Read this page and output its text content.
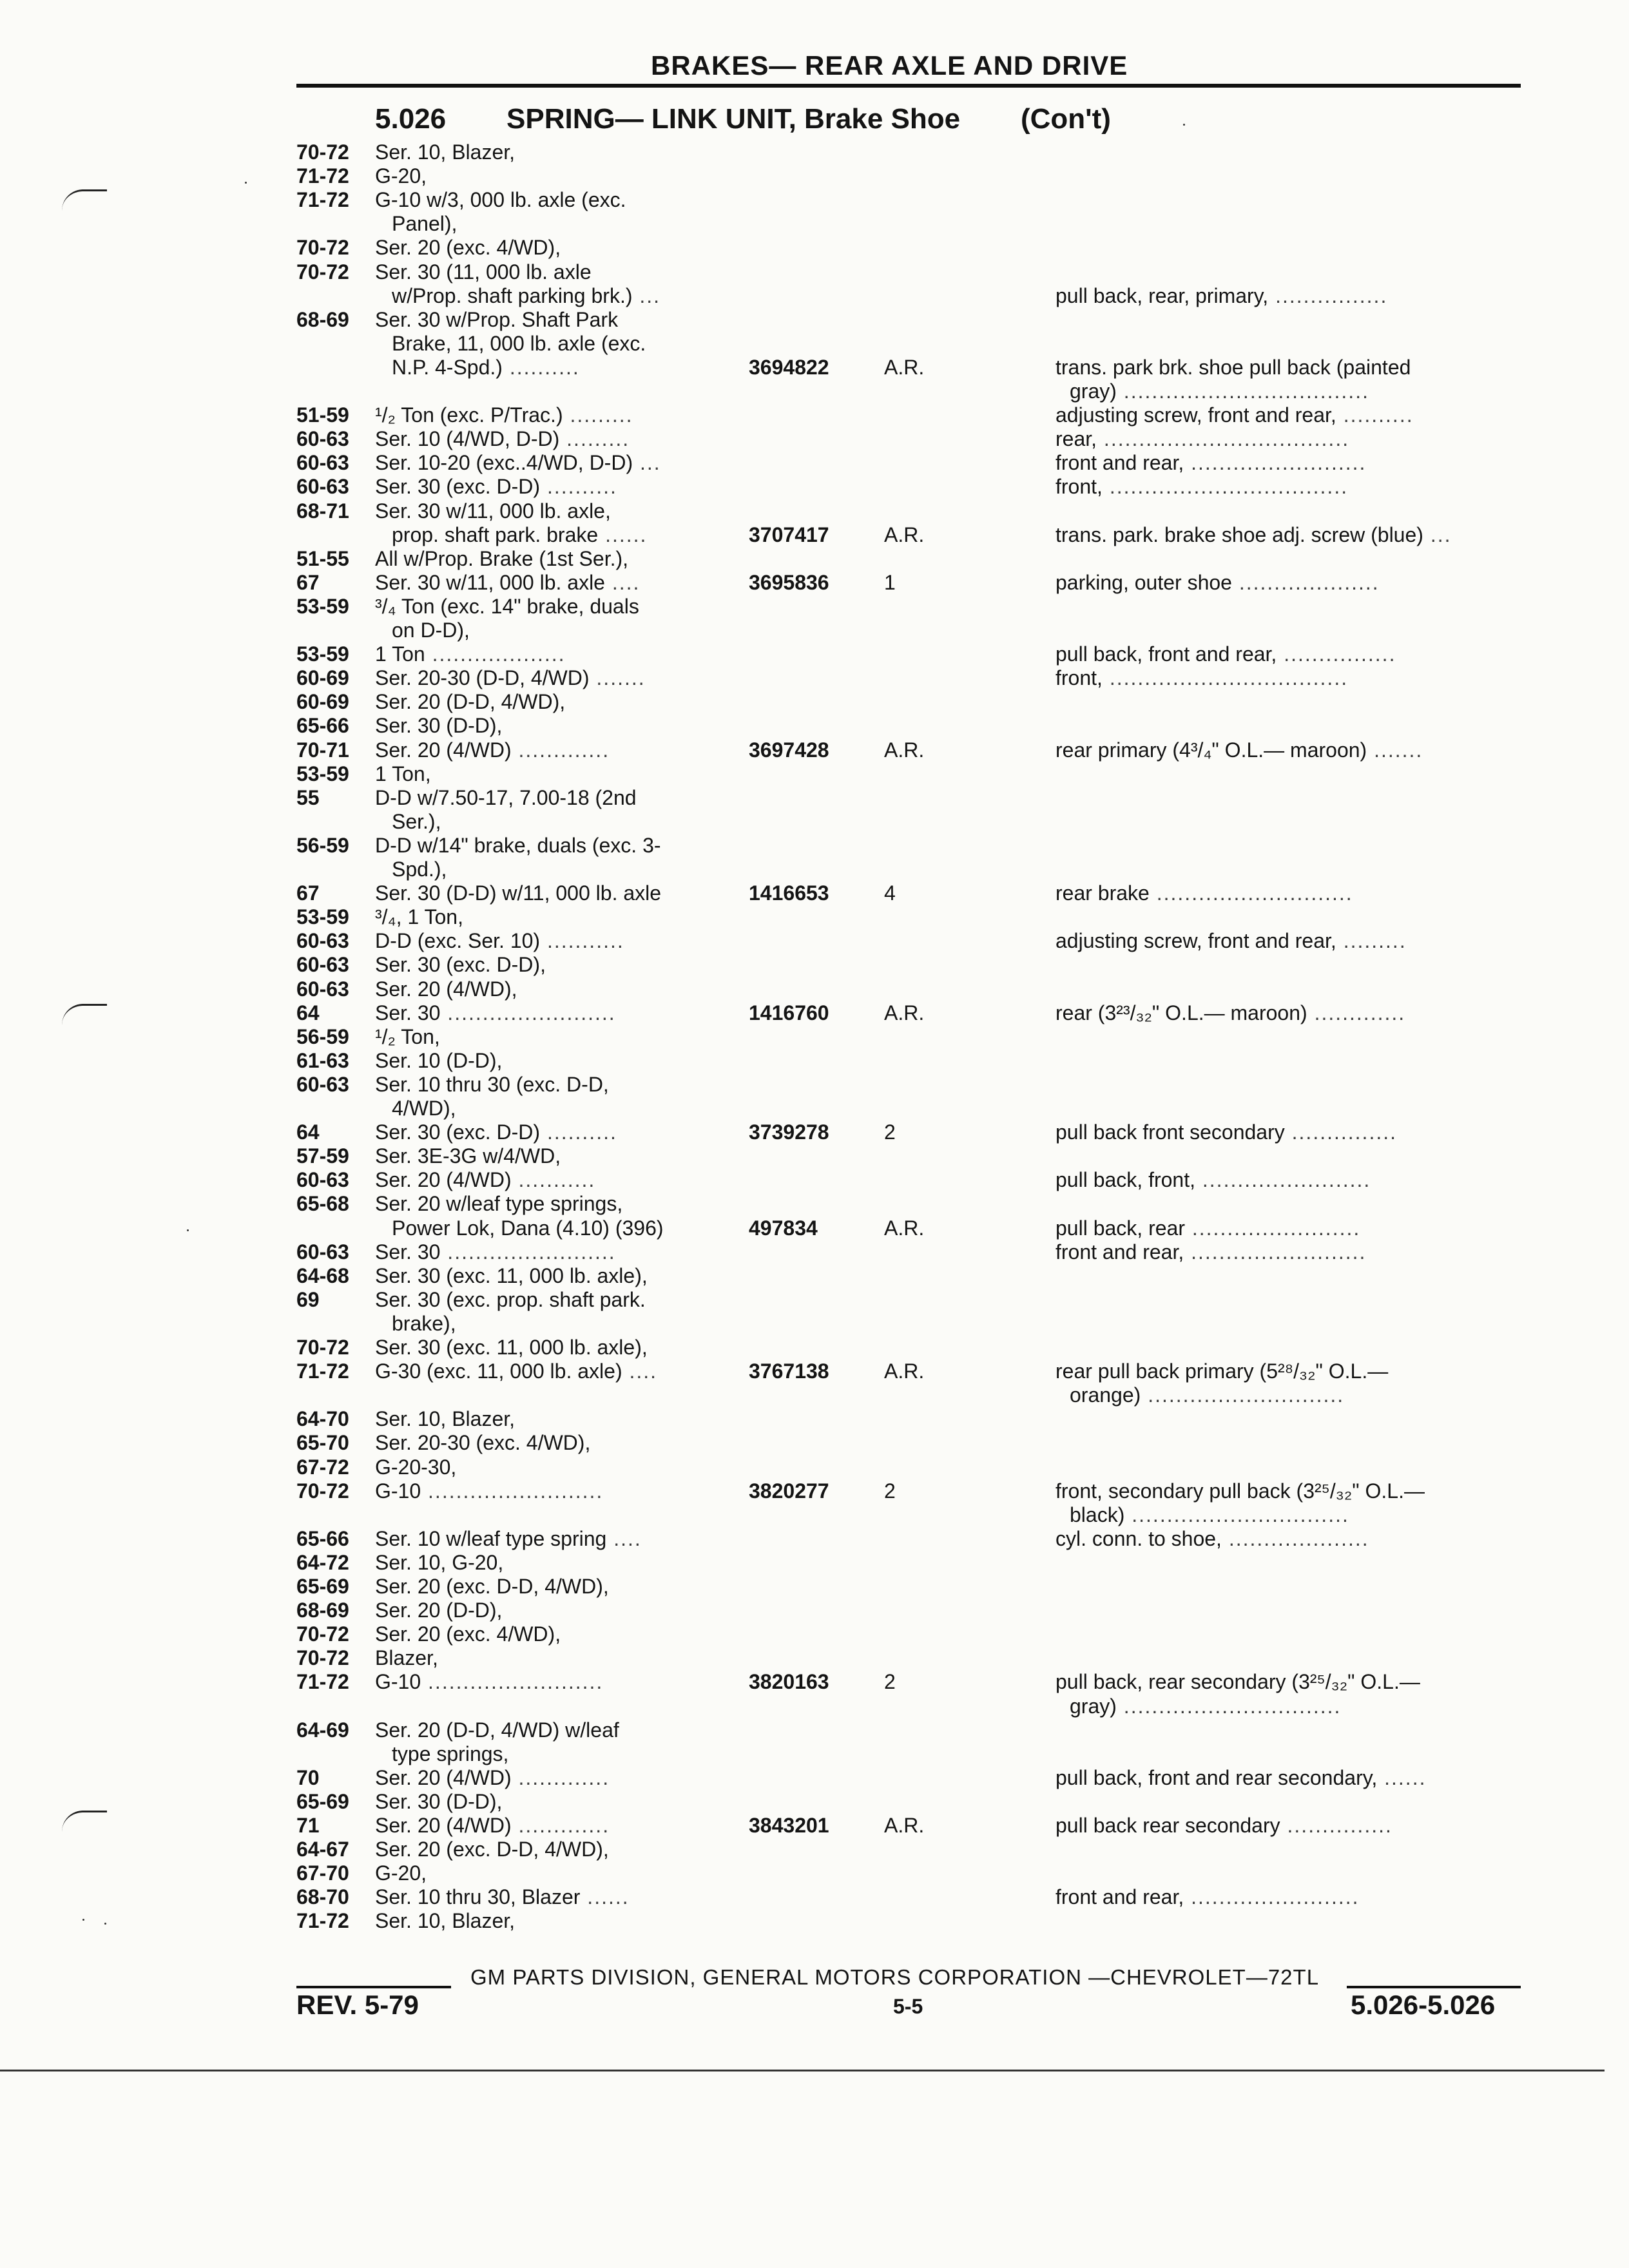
BRAKES— REAR AXLE AND DRIVE
5.026 SPRING— LINK UNIT, Brake Shoe (Con't)
70-72 Ser. 10, Blazer,
71-72 G-20,
71-72 G-10 w/3, 000 lb. axle (exc.
Panel),
70-72 Ser. 20 (exc. 4/WD),
70-72 Ser. 30 (11, 000 lb. axle
w/Prop. shaft parking brk.) ...	pull back, rear, primary, ................
68-69 Ser. 30 w/Prop. Shaft Park
Brake, 11, 000 lb. axle (exc.
N.P. 4-Spd.) ..........	3694822	A.R.	trans. park brk. shoe pull back (painted
gray) ...................................
51-59 ¹/₂ Ton (exc. P/Trac.) .........	adjusting screw, front and rear, ..........
60-63 Ser. 10 (4/WD, D-D) .........	rear, ...................................
60-63 Ser. 10-20 (exc..4/WD, D-D) ...	front and rear, .........................
60-63 Ser. 30 (exc. D-D) ..........	front, ..................................
68-71 Ser. 30 w/11, 000 lb. axle,
prop. shaft park. brake ......	3707417	A.R.	trans. park. brake shoe adj. screw (blue) ...
51-55 All w/Prop. Brake (1st Ser.),
67	Ser. 30 w/11, 000 lb. axle ....	3695836	1	parking, outer shoe ....................
53-59 ³/₄ Ton (exc. 14" brake, duals
on D-D),
53-59 1 Ton ...................	pull back, front and rear, ................
60-69 Ser. 20-30 (D-D, 4/WD) .......	front, ..................................
60-69 Ser. 20 (D-D, 4/WD),
65-66 Ser. 30 (D-D),
70-71 Ser. 20 (4/WD) .............	3697428	A.R.	rear primary (4³/₄" O.L.— maroon) .......
53-59 1 Ton,
55	D-D w/7.50-17, 7.00-18 (2nd
Ser.),
56-59 D-D w/14" brake, duals (exc. 3-
Spd.),
67	Ser. 30 (D-D) w/11, 000 lb. axle	1416653	4	rear brake ............................
53-59 ³/₄, 1 Ton,
60-63 D-D (exc. Ser. 10) ...........	adjusting screw, front and rear, .........
60-63 Ser. 30 (exc. D-D),
60-63 Ser. 20 (4/WD),
64	Ser. 30 ........................	1416760	A.R.	rear (3²³/₃₂" O.L.— maroon) .............
56-59 ¹/₂ Ton,
61-63 Ser. 10 (D-D),
60-63 Ser. 10 thru 30 (exc. D-D,
4/WD),
64	Ser. 30 (exc. D-D) ..........	3739278	2	pull back front secondary ...............
57-59 Ser. 3E-3G w/4/WD,
60-63 Ser. 20 (4/WD) ...........	pull back, front, ........................
65-68 Ser. 20 w/leaf type springs,
Power Lok, Dana (4.10) (396)	497834	A.R.	pull back, rear ........................
60-63 Ser. 30 ........................	front and rear, .........................
64-68 Ser. 30 (exc. 11, 000 lb. axle),
69	Ser. 30 (exc. prop. shaft park.
brake),
70-72 Ser. 30 (exc. 11, 000 lb. axle),
71-72 G-30 (exc. 11, 000 lb. axle) ....	3767138	A.R.	rear pull back primary (5²⁸/₃₂" O.L.—
orange) ............................
64-70 Ser. 10, Blazer,
65-70 Ser. 20-30 (exc. 4/WD),
67-72 G-20-30,
70-72 G-10 .........................	3820277	2	front, secondary pull back (3²⁵/₃₂" O.L.—
black) ...............................
65-66 Ser. 10 w/leaf type spring ....	cyl. conn. to shoe, ....................
64-72 Ser. 10, G-20,
65-69 Ser. 20 (exc. D-D, 4/WD),
68-69 Ser. 20 (D-D),
70-72 Ser. 20 (exc. 4/WD),
70-72 Blazer,
71-72 G-10 .........................	3820163	2	pull back, rear secondary (3²⁵/₃₂" O.L.—
gray) ...............................
64-69 Ser. 20 (D-D, 4/WD) w/leaf
type springs,
70	Ser. 20 (4/WD) .............	pull back, front and rear secondary, ......
65-69 Ser. 30 (D-D),
71	Ser. 20 (4/WD) .............	3843201	A.R.	pull back rear secondary ...............
64-67 Ser. 20 (exc. D-D, 4/WD),
67-70 G-20,
68-70 Ser. 10 thru 30, Blazer ......	front and rear, ........................
71-72 Ser. 10, Blazer,
GM PARTS DIVISION, GENERAL MOTORS CORPORATION —CHEVROLET—72TL
REV. 5-79	5-5	5.026-5.026
